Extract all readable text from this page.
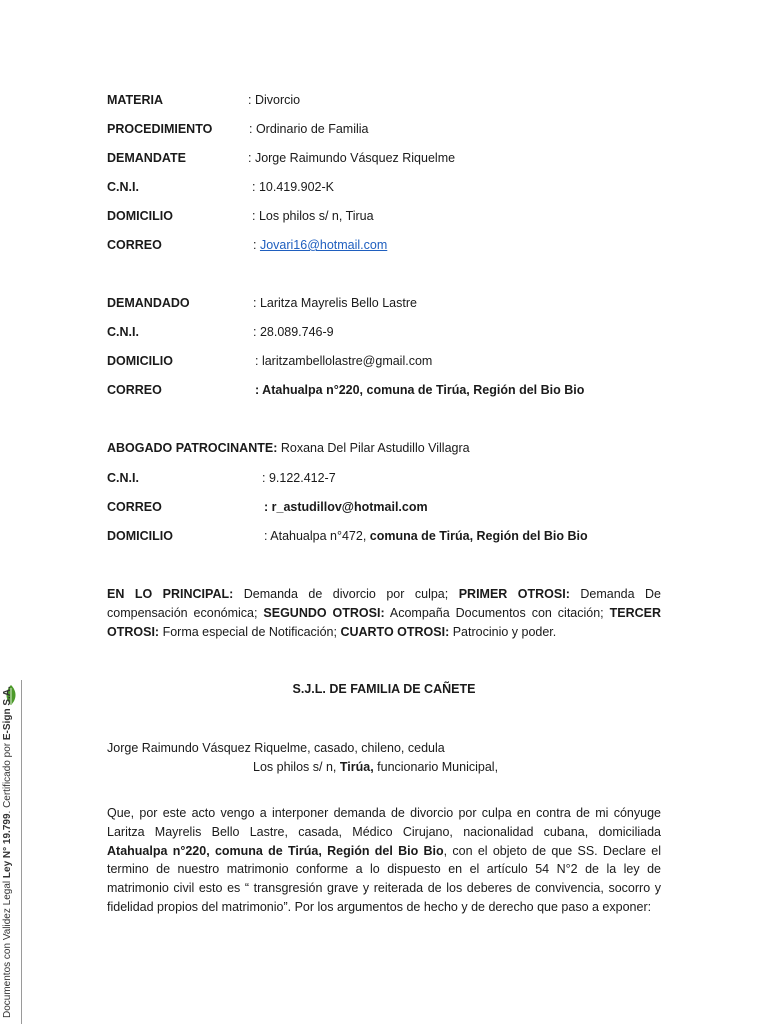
MATERIA	: Divorcio
PROCEDIMIENTO	: Ordinario de Familia
DEMANDATE	: Jorge Raimundo Vásquez Riquelme
C.N.I.	: 10.419.902-K
DOMICILIO	: Los philos s/ n, Tirua
CORREO	: Jovari16@hotmail.com
DEMANDADO	: Laritza Mayrelis Bello Lastre
C.N.I.	: 28.089.746-9
DOMICILIO	: laritzambellolastre@gmail.com
CORREO	: Atahualpa n°220, comuna de Tirúa, Región del Bio Bio
ABOGADO PATROCINANTE: Roxana Del Pilar Astudillo Villagra
C.N.I.	: 9.122.412-7
CORREO	: r_astudillov@hotmail.com
DOMICILIO	: Atahualpa n°472, comuna de Tirúa, Región del Bio Bio
EN LO PRINCIPAL: Demanda de divorcio por culpa; PRIMER OTROSI: Demanda De compensación económica; SEGUNDO OTROSI: Acompaña Documentos con citación; TERCER OTROSI: Forma especial de Notificación; CUARTO OTROSI: Patrocinio y poder.
S.J.L. DE FAMILIA DE CAÑETE
Jorge Raimundo Vásquez Riquelme, casado, chileno, cedula
Los philos s/ n, Tirúa, funcionario Municipal,
Que, por este acto vengo a interponer demanda de divorcio por culpa en contra de mi cónyuge Laritza Mayrelis Bello Lastre, casada, Médico Cirujano, nacionalidad cubana, domiciliada Atahualpa n°220, comuna de Tirúa, Región del Bio Bio, con el objeto de que SS. Declare el termino de nuestro matrimonio conforme a lo dispuesto en el artículo 54 N°2 de la ley de matrimonio civil esto es “ transgresión grave y reiterada de los deberes de convivencia, socorro y fidelidad propios del matrimonio”. Por los argumentos de hecho y de derecho que paso a exponer:
Documentos con Validez Legal Ley N° 19.799. Certificado por E-Sign S.A.
